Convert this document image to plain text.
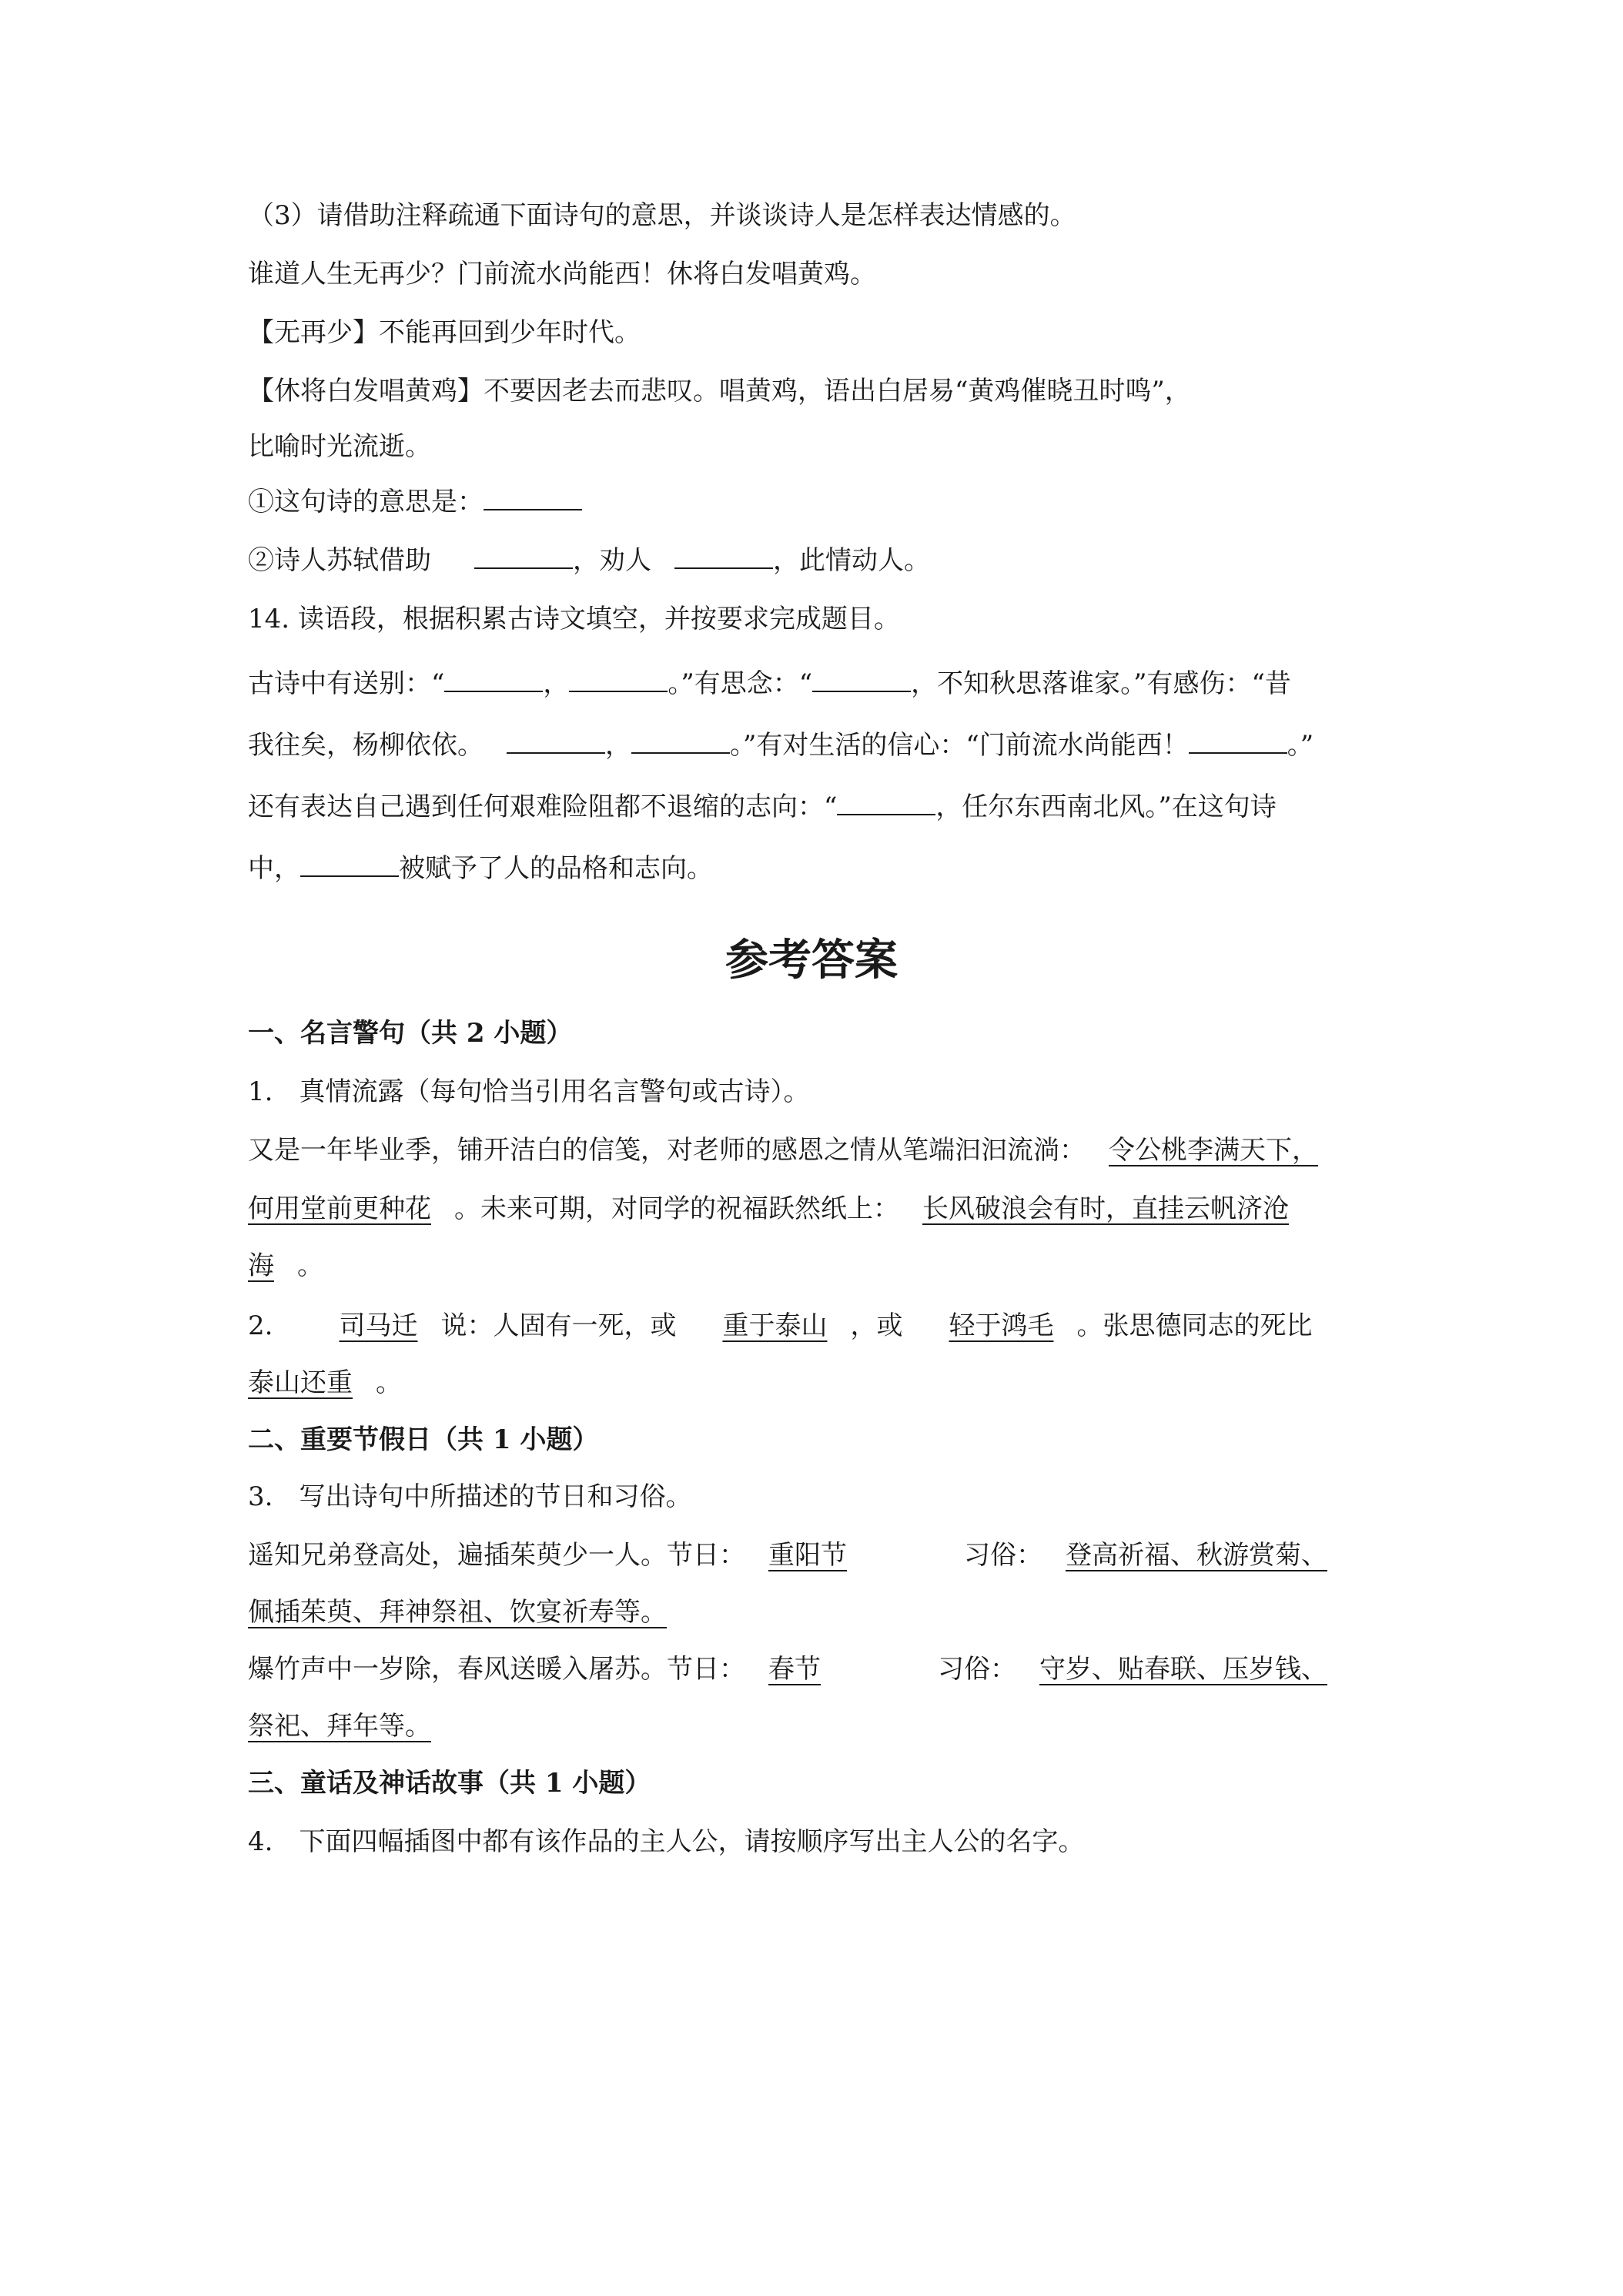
（3）请借助注释疏通下面诗句的意思，并谈谈诗人是怎样表达情感的。
谁道人生无再少？门前流水尚能西！休将白发唱黄鸡。
【无再少】不能再回到少年时代。
【休将白发唱黄鸡】不要因老去而悲叹。唱黄鸡，语出白居易“黄鸡催晓丑时鸣”，
比喻时光流逝。
①这句诗的意思是：
②诗人苏轼借助	，劝人	，此情动人。
14. 读语段，根据积累古诗文填空，并按要求完成题目。
古诗中有送别：“	，	。”有思念：“	，不知秋思落谁家。”有感伤：“昔
我往矣，杨柳依依。	，	。”有对生活的信心：“门前流水尚能西！	。”
还有表达自己遇到任何艰难险阻都不退缩的志向：“	，任尔东西南北风。”在这句诗
中，	被赋予了人的品格和志向。
参考答案
一、名言警句（共 2 小题）
1.　真情流露（每句恰当引用名言警句或古诗）。
又是一年毕业季，铺开洁白的信笺，对老师的感恩之情从笔端汩汩流淌： 令公桃李满天下，
何用堂前更种花 。未来可期，对同学的祝福跃然纸上： 长风破浪会有时，直挂云帆济沧
海 。
2.	司马迁 说：人固有一死，或 重于泰山 ，或 轻于鸿毛 。张思德同志的死比
泰山还重 。
二、重要节假日（共 1 小题）
3.　写出诗句中所描述的节日和习俗。
遥知兄弟登高处，遍插茱萸少一人。节日： 重阳节	习俗： 登高祈福、秋游赏菊、
佩插茱萸、拜神祭祖、饮宴祈寿等。
爆竹声中一岁除，春风送暖入屠苏。节日： 春节	习俗： 守岁、贴春联、压岁钱、
祭祀、拜年等。
三、童话及神话故事（共 1 小题）
4.　下面四幅插图中都有该作品的主人公，请按顺序写出主人公的名字。
